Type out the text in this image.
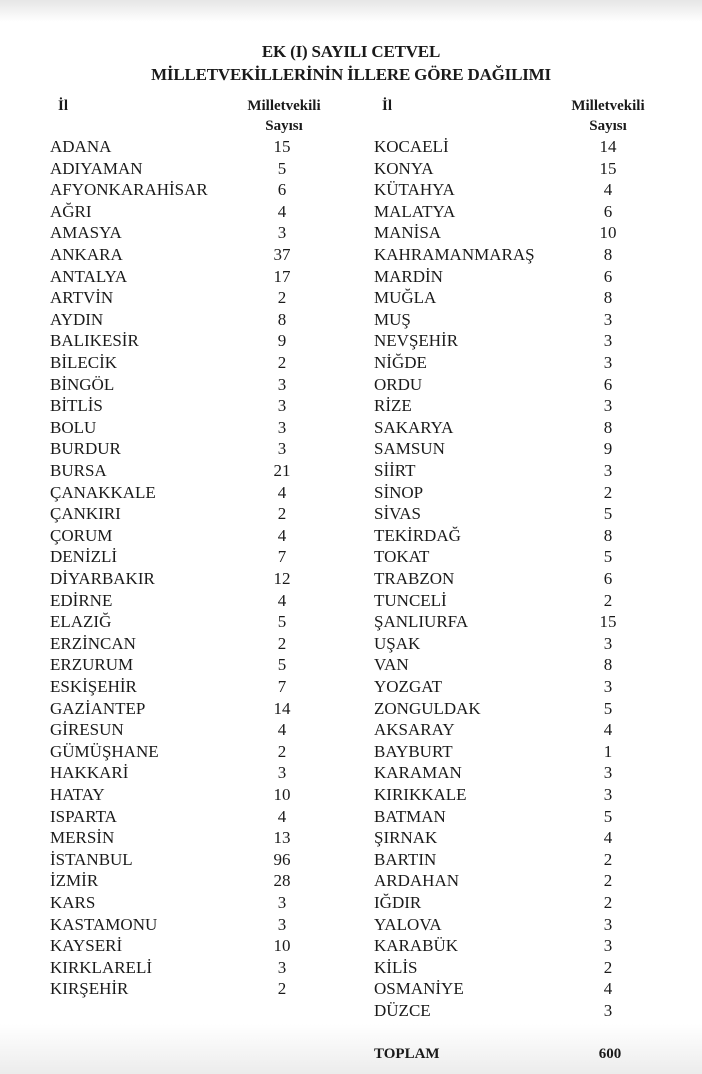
EK (I) SAYILI CETVEL
MİLLETVEKİLLERİNİN İLLERE GÖRE DAĞILIMI
İl	Milletvekili
Sayısı
İl	Milletvekili
Sayısı
ADANA	15
ADIYAMAN	5
AFYONKARAHİSAR	6
AĞRI	4
AMASYA	3
ANKARA	37
ANTALYA	17
ARTVİN	2
AYDIN	8
BALIKESİR	9
BİLECİK	2
BİNGÖL	3
BİTLİS	3
BOLU	3
BURDUR	3
BURSA	21
ÇANAKKALE	4
ÇANKIRI	2
ÇORUM	4
DENİZLİ	7
DİYARBAKIR	12
EDİRNE	4
ELAZIĞ	5
ERZİNCAN	2
ERZURUM	5
ESKİŞEHİR	7
GAZİANTEP	14
GİRESUN	4
GÜMÜŞHANE	2
HAKKARİ	3
HATAY	10
ISPARTA	4
MERSİN	13
İSTANBUL	96
İZMİR	28
KARS	3
KASTAMONU	3
KAYSERİ	10
KIRKLARELİ	3
KIRŞEHİR	2
KOCAELİ	14
KONYA	15
KÜTAHYA	4
MALATYA	6
MANİSA	10
KAHRAMANMARAŞ	8
MARDİN	6
MUĞLA	8
MUŞ	3
NEVŞEHİR	3
NİĞDE	3
ORDU	6
RİZE	3
SAKARYA	8
SAMSUN	9
SİİRT	3
SİNOP	2
SİVAS	5
TEKİRDAĞ	8
TOKAT	5
TRABZON	6
TUNCELİ	2
ŞANLIURFA	15
UŞAK	3
VAN	8
YOZGAT	3
ZONGULDAK	5
AKSARAY	4
BAYBURT	1
KARAMAN	3
KIRIKKALE	3
BATMAN	5
ŞIRNAK	4
BARTIN	2
ARDAHAN	2
IĞDIR	2
YALOVA	3
KARABÜK	3
KİLİS	2
OSMANİYE	4
DÜZCE	3
TOPLAM	600
